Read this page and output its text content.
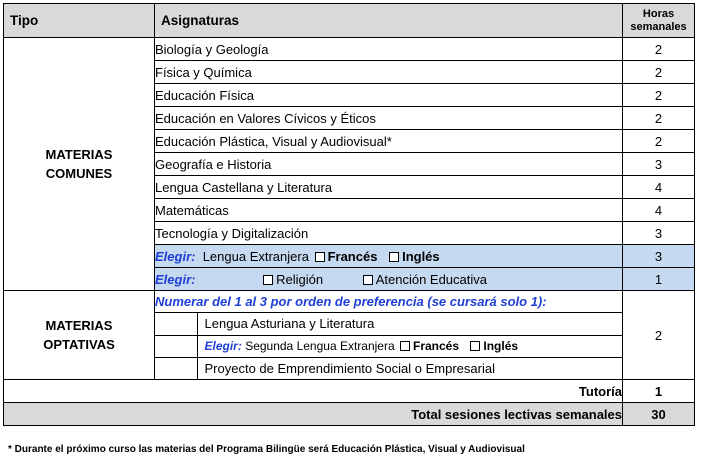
Tipo	Asignaturas	Horas
semanales
MATERIAS
COMUNES	Biología y Geología	2
Física y Química	2
Educación Física	2
Educación en Valores Cívicos y Éticos	2
Educación Plástica, Visual y Audiovisual*	2
Geografía e Historia	3
Lengua Castellana y Literatura	4
Matemáticas	4
Tecnología y Digitalización	3
Elegir: Lengua Extranjera Francés Inglés	3
Elegir:	Religión	Atención Educativa	1
MATERIAS
OPTATIVAS	Numerar del 1 al 3 por orden de preferencia (se cursará solo 1):	2

	Lengua Asturiana y Literatura
	Elegir: Segunda Lengua Extranjera Francés Inglés
	Proyecto de Emprendimiento Social o Empresarial

Tutoría	1
Total sesiones lectivas semanales	30
* Durante el próximo curso las materias del Programa Bilingüe será Educación Plástica, Visual y Audiovisual
